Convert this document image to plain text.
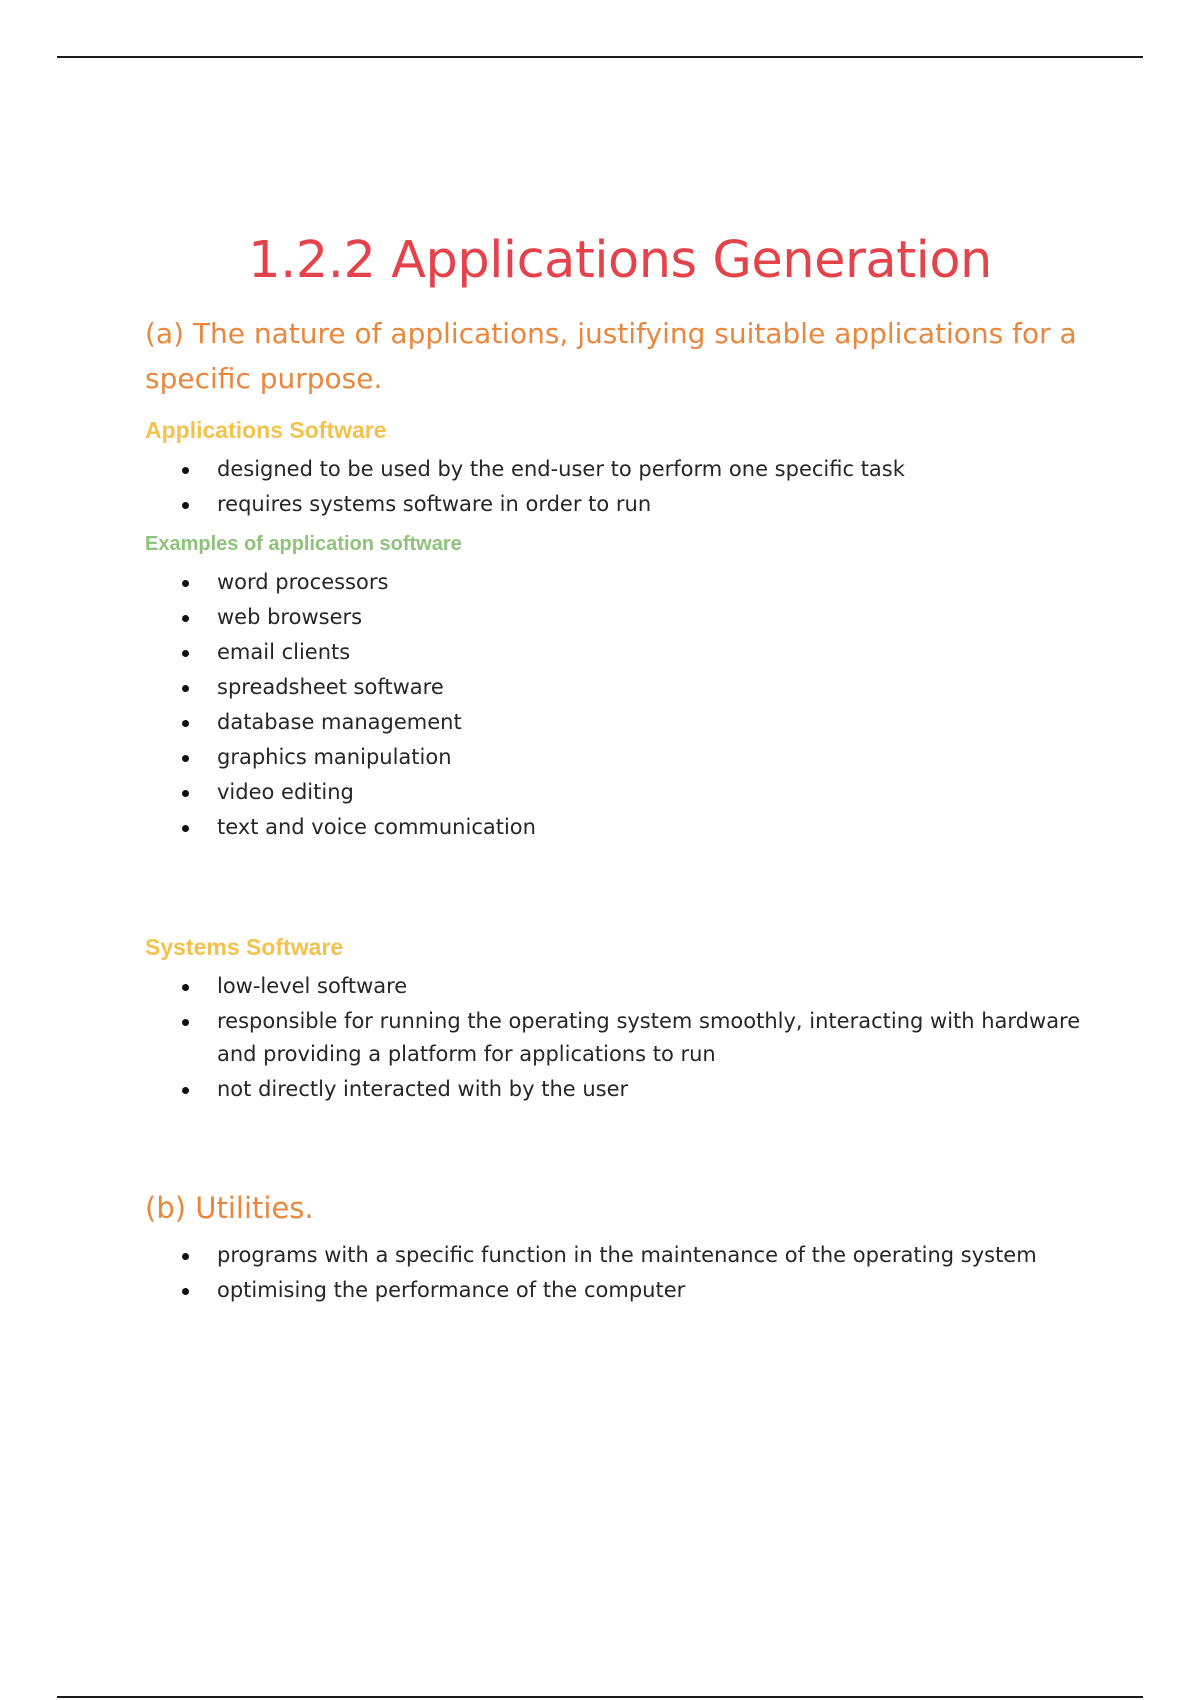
1.2.2 Applications Generation
(a) The nature of applications, justifying suitable applications for a specific purpose.
Applications Software
designed to be used by the end-user to perform one specific task
requires systems software in order to run
Examples of application software
word processors
web browsers
email clients
spreadsheet software
database management
graphics manipulation
video editing
text and voice communication
Systems Software
low-level software
responsible for running the operating system smoothly, interacting with hardware and providing a platform for applications to run
not directly interacted with by the user
(b) Utilities.
programs with a specific function in the maintenance of the operating system
optimising the performance of the computer
